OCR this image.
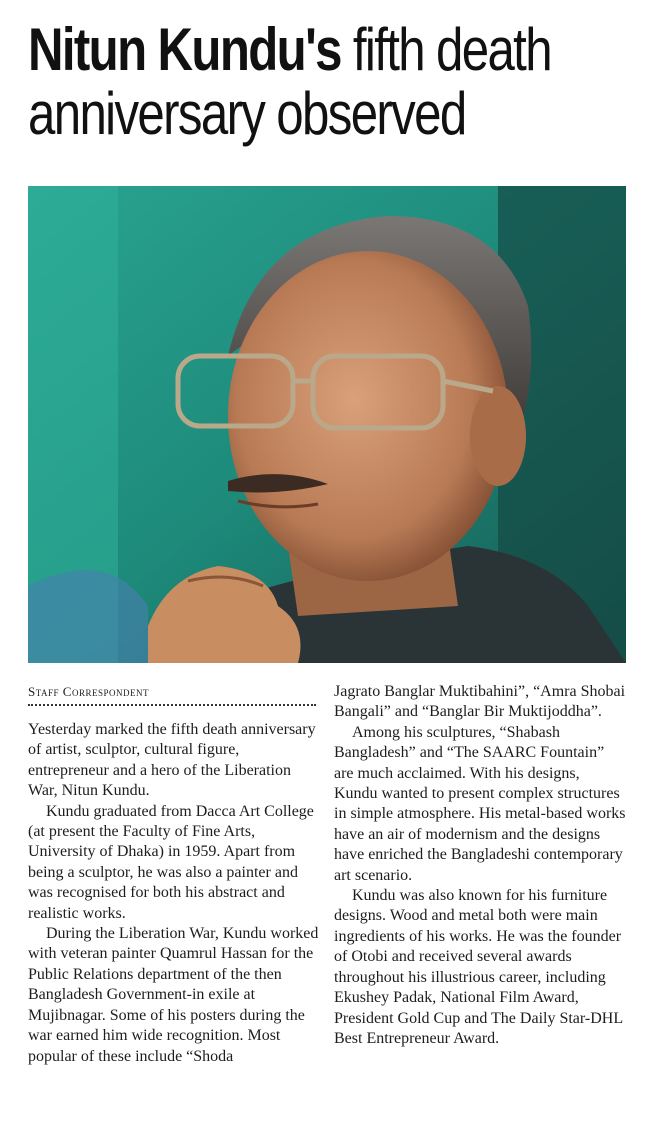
Nitun Kundu's fifth death
anniversary observed
Staff Correspondent

Yesterday marked the fifth death anniversary of artist, sculptor, cultural figure, entrepreneur and a hero of the Liberation War, Nitun Kundu.

Kundu graduated from Dacca Art College (at present the Faculty of Fine Arts, University of Dhaka) in 1959. Apart from being a sculptor, he was also a painter and was recognised for both his abstract and realistic works.

During the Liberation War, Kundu worked with veteran painter Quamrul Hassan for the Public Relations department of the then Bangladesh Government-in exile at Mujibnagar. Some of his posters during the war earned him wide recognition. Most popular of these include “Shoda

Jagrato Banglar Muktibahini”, “Amra Shobai Bangali” and “Banglar Bir Muktijoddha”.

Among his sculptures, “Shabash Bangladesh” and “The SAARC Fountain” are much acclaimed. With his designs, Kundu wanted to present complex structures in simple atmosphere. His metal-based works have an air of modernism and the designs have enriched the Bangladeshi contemporary art scenario.

Kundu was also known for his furniture designs. Wood and metal both were main ingredients of his works. He was the founder of Otobi and received several awards throughout his illustrious career, including Ekushey Padak, National Film Award, President Gold Cup and The Daily Star-DHL Best Entrepreneur Award.
